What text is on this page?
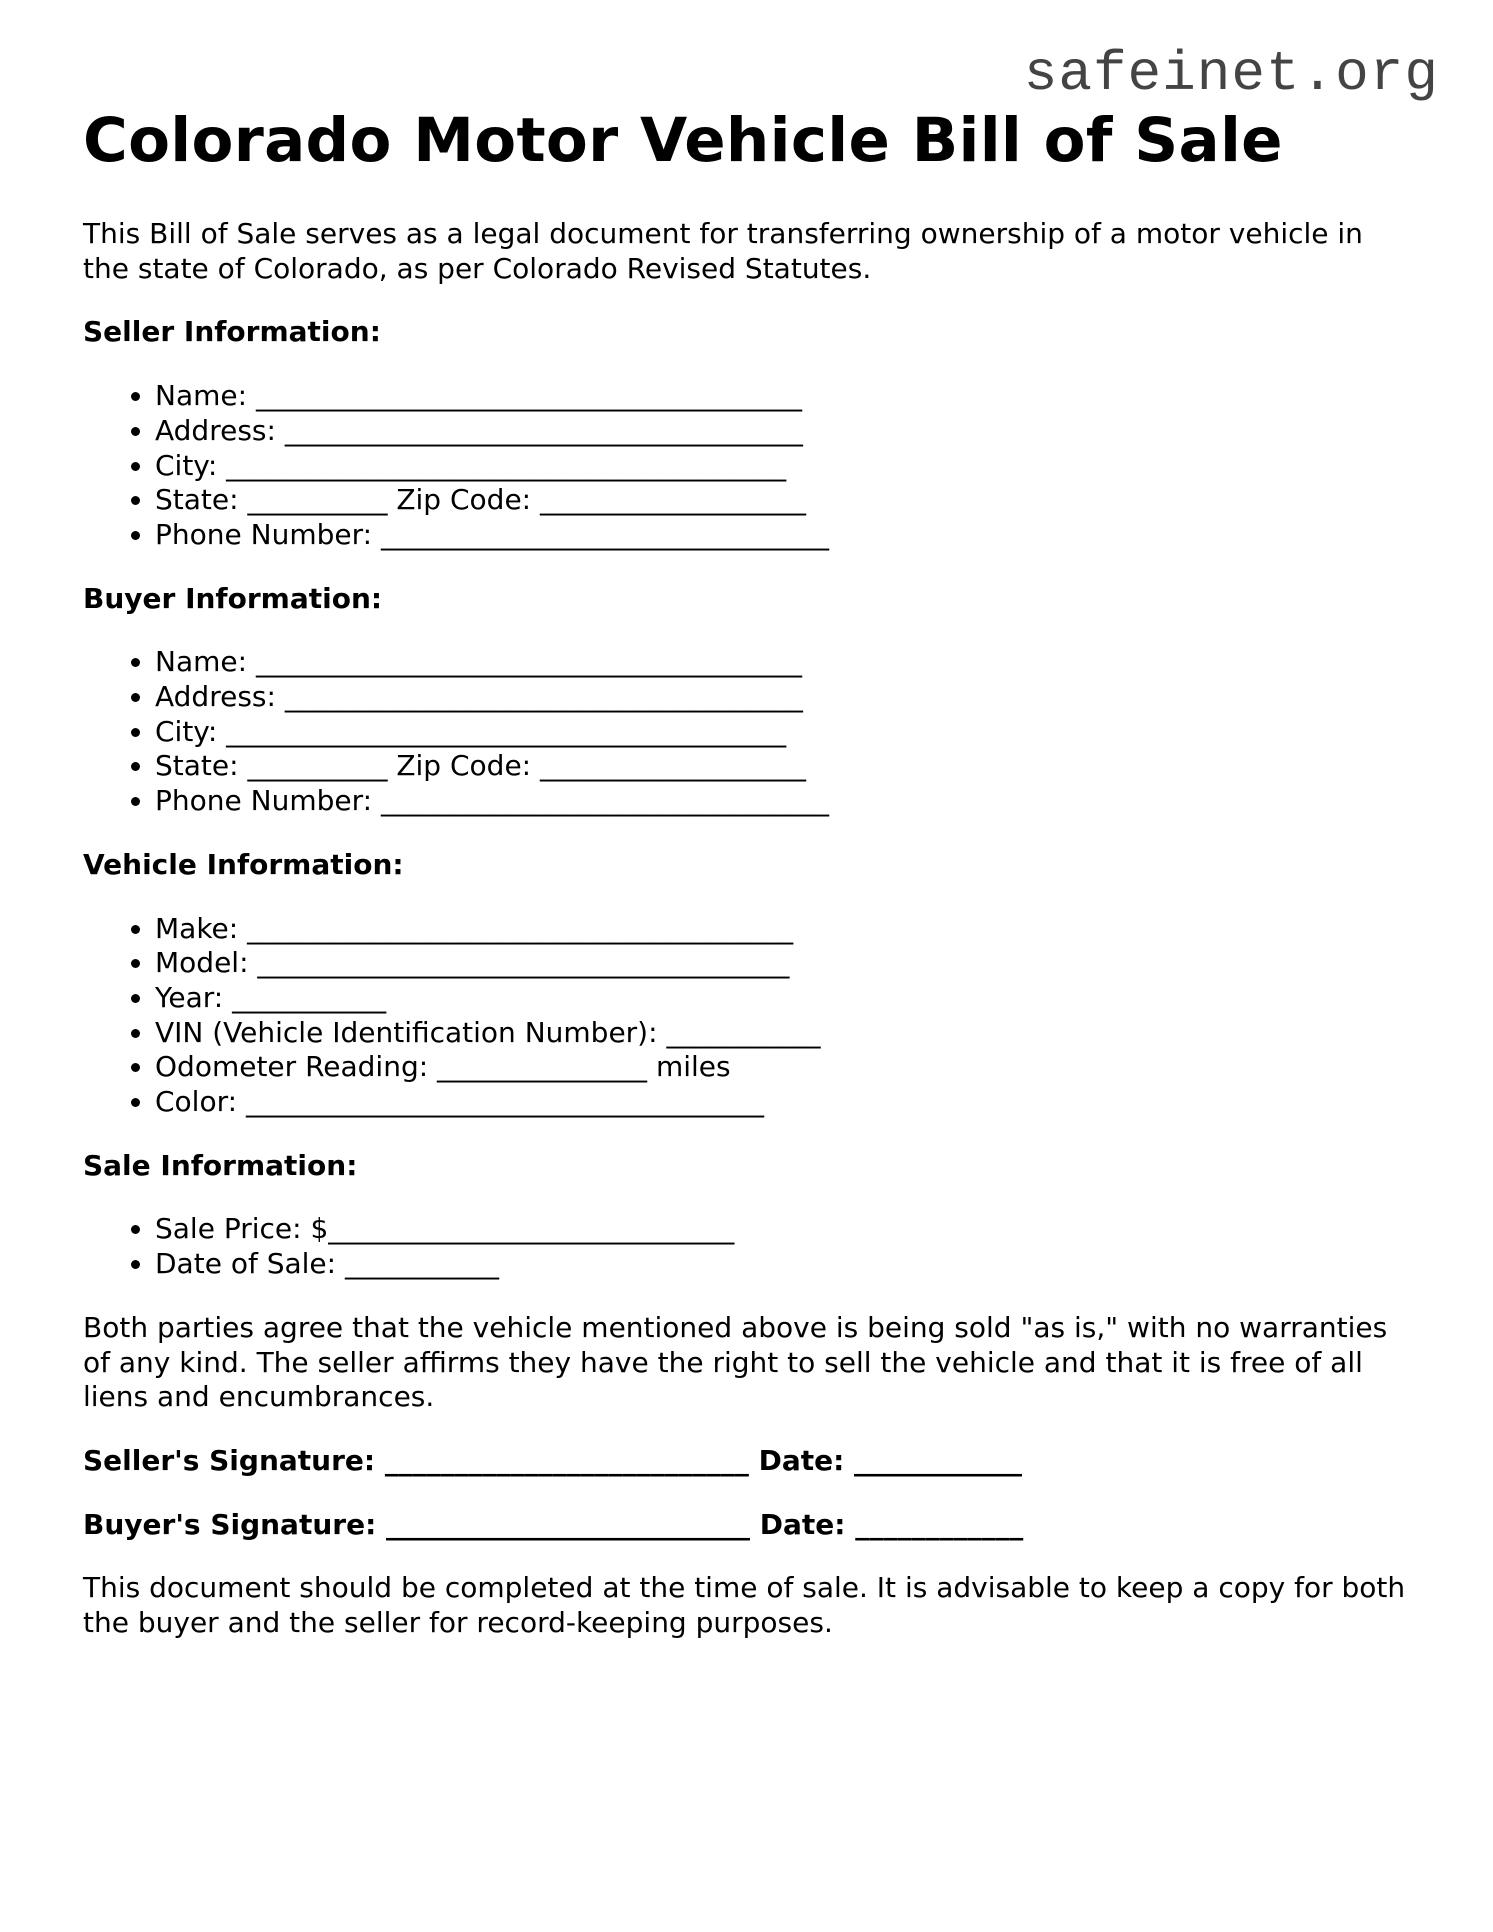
safeinet.org
Colorado Motor Vehicle Bill of Sale

This Bill of Sale serves as a legal document for transferring ownership of a motor vehicle in the state of Colorado, as per Colorado Revised Statutes.

Seller Information:
• Name: _______________________________________
• Address: _____________________________________
• City: ________________________________________
• State: __________ Zip Code: ___________________
• Phone Number: ________________________________
Buyer Information:
• Name: _______________________________________
• Address: _____________________________________
• City: ________________________________________
• State: __________ Zip Code: ___________________
• Phone Number: ________________________________
Vehicle Information:
• Make: _______________________________________
• Model: ______________________________________
• Year: ___________
• VIN (Vehicle Identification Number): ___________
• Odometer Reading: _______________ miles
• Color: _____________________________________
Sale Information:
• Sale Price: $_____________________________
• Date of Sale: ___________

Both parties agree that the vehicle mentioned above is being sold "as is," with no warranties of any kind. The seller affirms they have the right to sell the vehicle and that it is free of all liens and encumbrances.

Seller's Signature: __________________________ Date: ____________

Buyer's Signature: __________________________ Date: ____________

This document should be completed at the time of sale. It is advisable to keep a copy for both the buyer and the seller for record-keeping purposes.
